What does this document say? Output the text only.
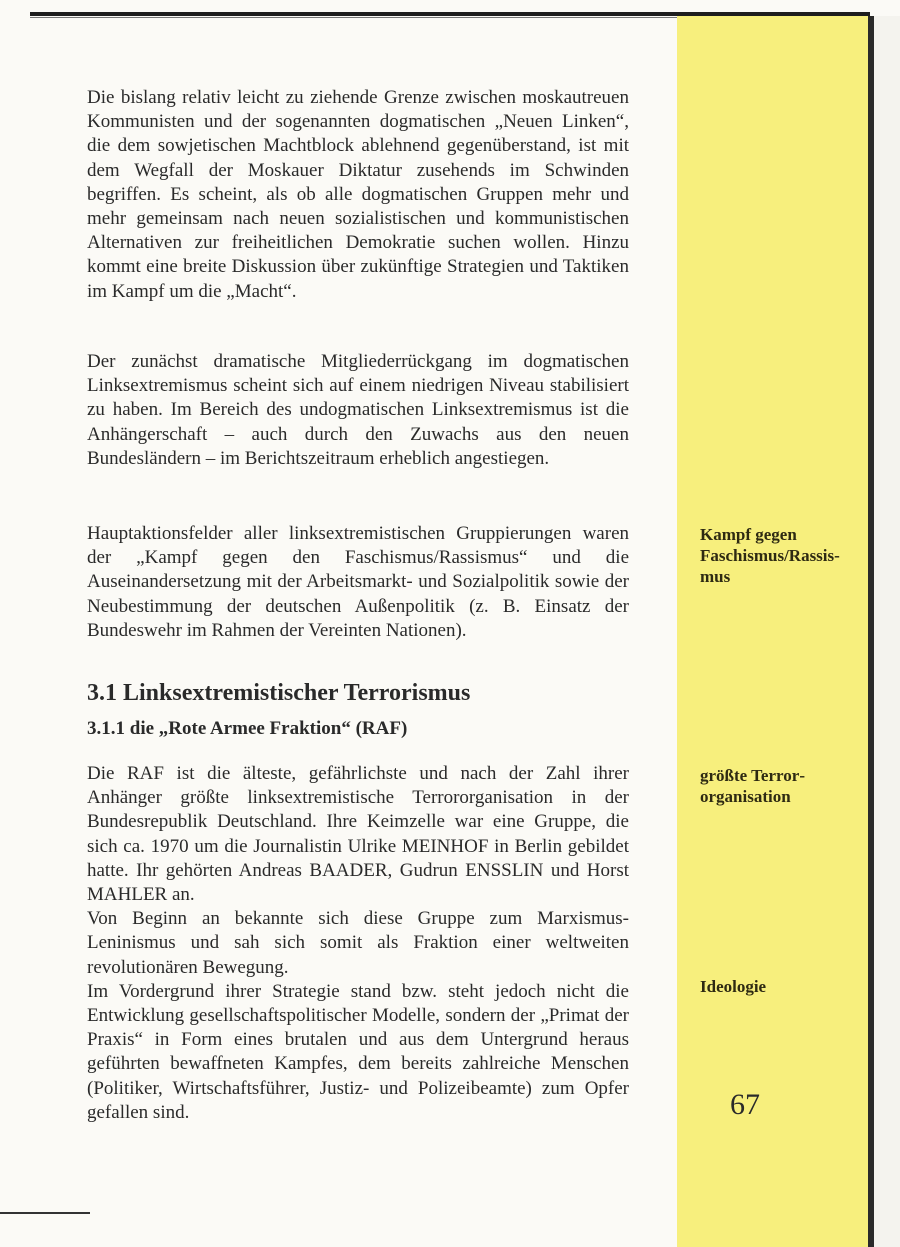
Die bislang relativ leicht zu ziehende Grenze zwischen moskautreuen Kommunisten und der sogenannten dogmatischen „Neuen Linken“, die dem sowjetischen Machtblock ablehnend gegenüberstand, ist mit dem Wegfall der Moskauer Diktatur zusehends im Schwinden begriffen. Es scheint, als ob alle dogmatischen Gruppen mehr und mehr gemeinsam nach neuen sozialistischen und kommunistischen Alternativen zur freiheitlichen Demokratie suchen wollen. Hinzu kommt eine breite Diskussion über zukünftige Strategien und Taktiken im Kampf um die „Macht“.

Der zunächst dramatische Mitgliederrückgang im dogmatischen Linksextremismus scheint sich auf einem niedrigen Niveau stabilisiert zu haben. Im Bereich des undogmatischen Linksextremismus ist die Anhängerschaft – auch durch den Zuwachs aus den neuen Bundesländern – im Berichtszeitraum erheblich angestiegen.

Hauptaktionsfelder aller linksextremistischen Gruppierungen waren der „Kampf gegen den Faschismus/Rassismus“ und die Auseinandersetzung mit der Arbeitsmarkt- und Sozialpolitik sowie der Neubestimmung der deutschen Außenpolitik (z. B. Einsatz der Bundeswehr im Rahmen der Vereinten Nationen).

3.1 Linksextremistischer Terrorismus
3.1.1 die „Rote Armee Fraktion“ (RAF)
Die RAF ist die älteste, gefährlichste und nach der Zahl ihrer Anhänger größte linksextremistische Terrororganisation in der Bundesrepublik Deutschland. Ihre Keimzelle war eine Gruppe, die sich ca. 1970 um die Journalistin Ulrike MEINHOF in Berlin gebildet hatte. Ihr gehörten Andreas BAADER, Gudrun ENSSLIN und Horst MAHLER an.
Von Beginn an bekannte sich diese Gruppe zum Marxismus-Leninismus und sah sich somit als Fraktion einer weltweiten revolutionären Bewegung.
Im Vordergrund ihrer Strategie stand bzw. steht jedoch nicht die Entwicklung gesellschaftspolitischer Modelle, sondern der „Primat der Praxis“ in Form eines brutalen und aus dem Untergrund heraus geführten bewaffneten Kampfes, dem bereits zahlreiche Menschen (Politiker, Wirtschaftsführer, Justiz- und Polizeibeamte) zum Opfer gefallen sind.
Kampf gegen Faschismus/Rassismus
größte Terrororganisation
Ideologie
67
